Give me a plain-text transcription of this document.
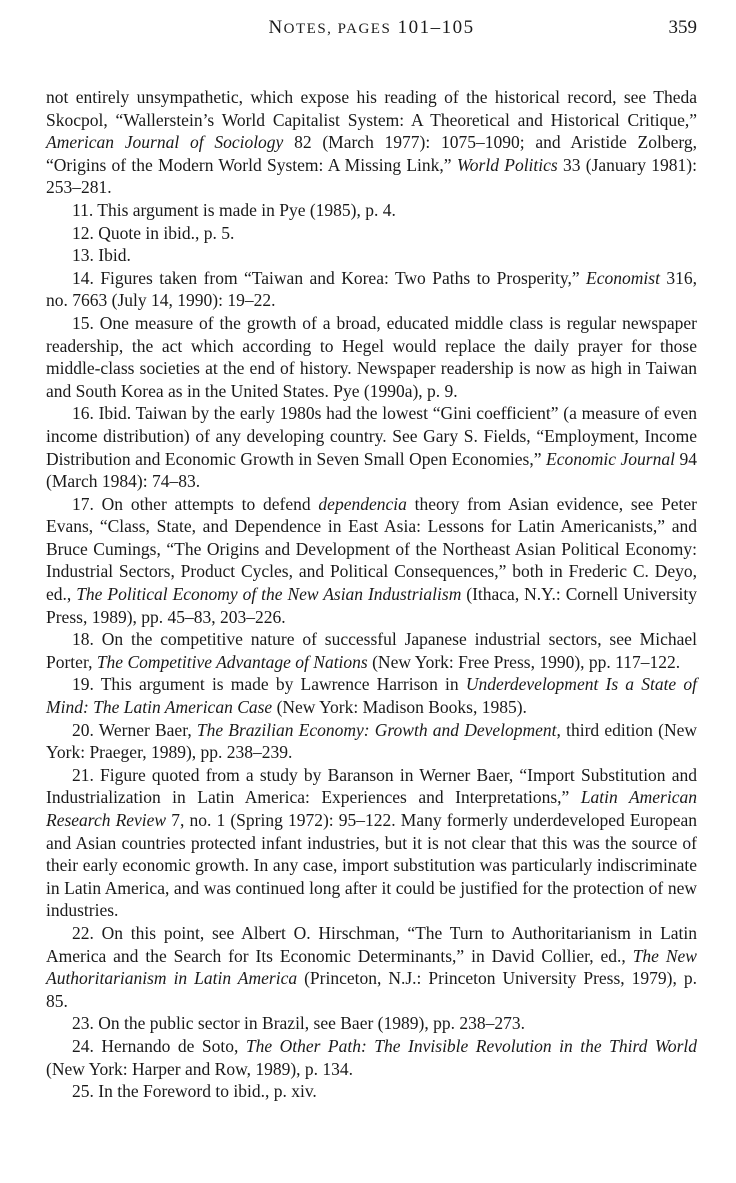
NOTES, PAGES 101–105	359

not entirely unsympathetic, which expose his reading of the historical record, see Theda Skocpol, “Wallerstein’s World Capitalist System: A Theoretical and Historical Critique,” American Journal of Sociology 82 (March 1977): 1075–1090; and Aristide Zolberg, “Origins of the Modern World System: A Missing Link,” World Politics 33 (January 1981): 253–281.

11. This argument is made in Pye (1985), p. 4.

12. Quote in ibid., p. 5.

13. Ibid.

14. Figures taken from “Taiwan and Korea: Two Paths to Prosperity,” Economist 316, no. 7663 (July 14, 1990): 19–22.

15. One measure of the growth of a broad, educated middle class is regular newspaper readership, the act which according to Hegel would replace the daily prayer for those middle-class societies at the end of history. Newspaper readership is now as high in Taiwan and South Korea as in the United States. Pye (1990a), p. 9.

16. Ibid. Taiwan by the early 1980s had the lowest “Gini coefficient” (a measure of even income distribution) of any developing country. See Gary S. Fields, “Employment, Income Distribution and Economic Growth in Seven Small Open Economies,” Economic Journal 94 (March 1984): 74–83.

17. On other attempts to defend dependencia theory from Asian evidence, see Peter Evans, “Class, State, and Dependence in East Asia: Lessons for Latin Americanists,” and Bruce Cumings, “The Origins and Development of the Northeast Asian Political Economy: Industrial Sectors, Product Cycles, and Political Consequences,” both in Frederic C. Deyo, ed., The Political Economy of the New Asian Industrialism (Ithaca, N.Y.: Cornell University Press, 1989), pp. 45–83, 203–226.

18. On the competitive nature of successful Japanese industrial sectors, see Michael Porter, The Competitive Advantage of Nations (New York: Free Press, 1990), pp. 117–122.

19. This argument is made by Lawrence Harrison in Underdevelopment Is a State of Mind: The Latin American Case (New York: Madison Books, 1985).

20. Werner Baer, The Brazilian Economy: Growth and Development, third edition (New York: Praeger, 1989), pp. 238–239.

21. Figure quoted from a study by Baranson in Werner Baer, “Import Substitution and Industrialization in Latin America: Experiences and Interpretations,” Latin American Research Review 7, no. 1 (Spring 1972): 95–122. Many formerly underdeveloped European and Asian countries protected infant industries, but it is not clear that this was the source of their early economic growth. In any case, import substitution was particularly indiscriminate in Latin America, and was continued long after it could be justified for the protection of new industries.

22. On this point, see Albert O. Hirschman, “The Turn to Authoritarianism in Latin America and the Search for Its Economic Determinants,” in David Collier, ed., The New Authoritarianism in Latin America (Princeton, N.J.: Princeton University Press, 1979), p. 85.

23. On the public sector in Brazil, see Baer (1989), pp. 238–273.

24. Hernando de Soto, The Other Path: The Invisible Revolution in the Third World (New York: Harper and Row, 1989), p. 134.

25. In the Foreword to ibid., p. xiv.
